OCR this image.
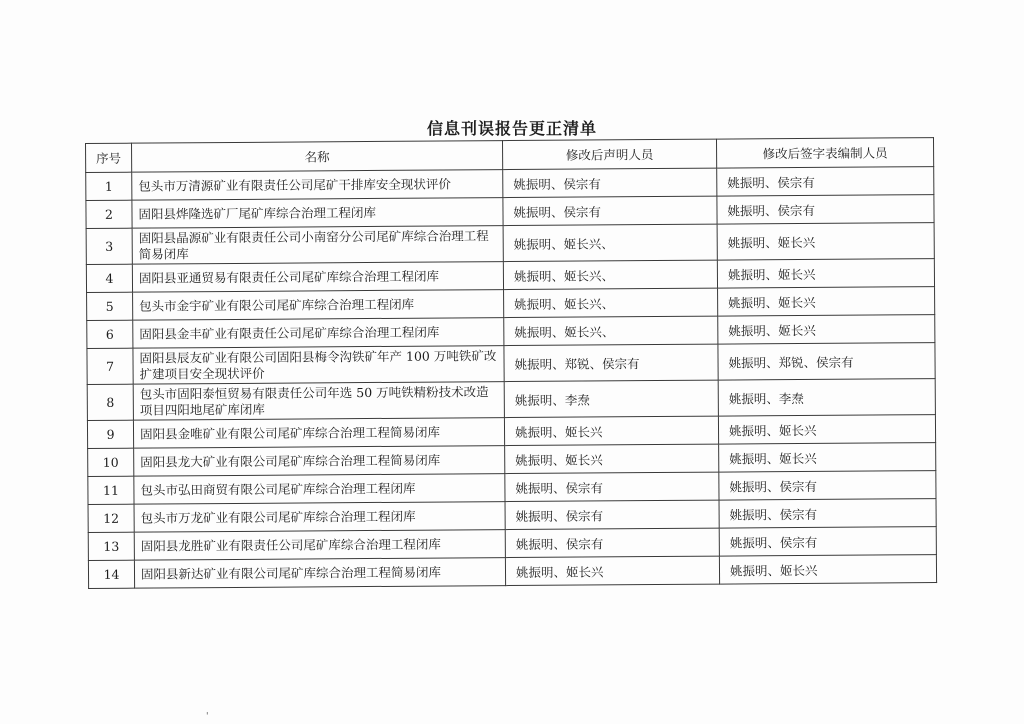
信息刊误报告更正清单
序号	名称	修改后声明人员	修改后签字表编制人员
1	包头市万清源矿业有限责任公司尾矿干排库安全现状评价	姚振明、侯宗有	姚振明、侯宗有
2	固阳县烨隆选矿厂尾矿库综合治理工程闭库	姚振明、侯宗有	姚振明、侯宗有
3	固阳县晶源矿业有限责任公司小南窑分公司尾矿库综合治理工程简易闭库	姚振明、姬长兴、	姚振明、姬长兴
4	固阳县亚通贸易有限责任公司尾矿库综合治理工程闭库	姚振明、姬长兴、	姚振明、姬长兴
5	包头市金宇矿业有限公司尾矿库综合治理工程闭库	姚振明、姬长兴、	姚振明、姬长兴
6	固阳县金丰矿业有限责任公司尾矿库综合治理工程闭库	姚振明、姬长兴、	姚振明、姬长兴
7	固阳县辰友矿业有限公司固阳县梅令沟铁矿年产 100 万吨铁矿改扩建项目安全现状评价	姚振明、郑锐、侯宗有	姚振明、郑锐、侯宗有
8	包头市固阳泰恒贸易有限责任公司年选 50 万吨铁精粉技术改造项目四阳地尾矿库闭库	姚振明、李焘	姚振明、李焘
9	固阳县金唯矿业有限公司尾矿库综合治理工程简易闭库	姚振明、姬长兴	姚振明、姬长兴
10	固阳县龙大矿业有限公司尾矿库综合治理工程简易闭库	姚振明、姬长兴	姚振明、姬长兴
11	包头市弘田商贸有限公司尾矿库综合治理工程闭库	姚振明、侯宗有	姚振明、侯宗有
12	包头市万龙矿业有限公司尾矿库综合治理工程闭库	姚振明、侯宗有	姚振明、侯宗有
13	固阳县龙胜矿业有限责任公司尾矿库综合治理工程闭库	姚振明、侯宗有	姚振明、侯宗有
14	固阳县新达矿业有限公司尾矿库综合治理工程简易闭库	姚振明、姬长兴	姚振明、姬长兴
'
